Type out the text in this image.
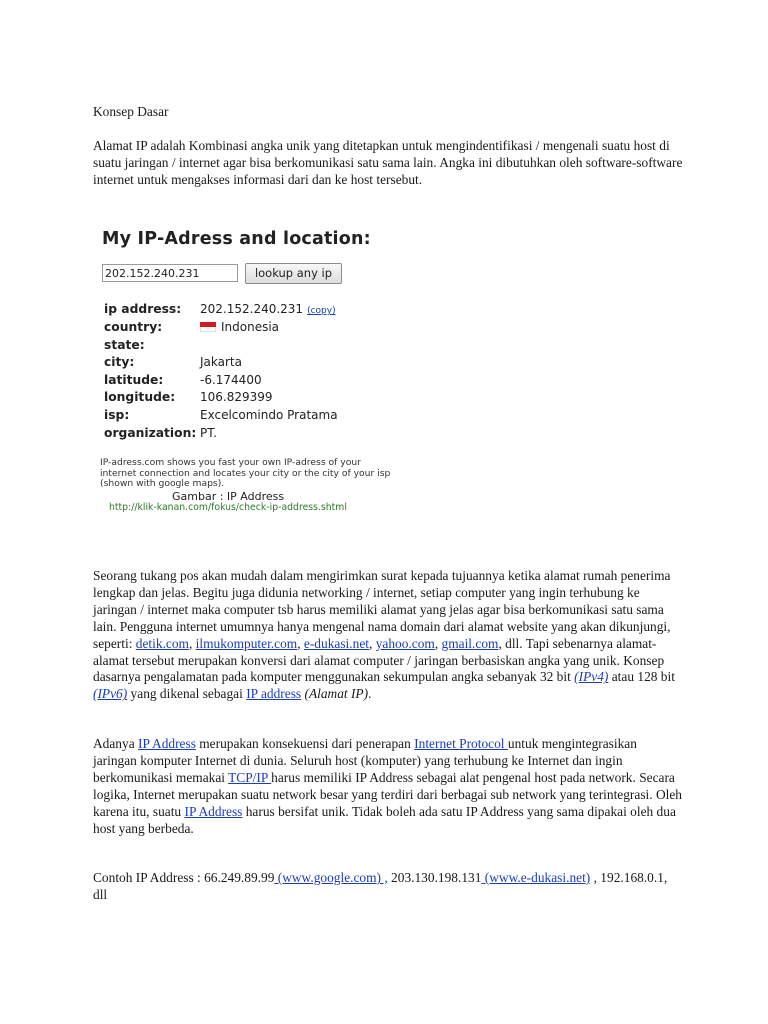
Konsep Dasar
Alamat IP adalah Kombinasi angka unik yang ditetapkan untuk mengindentifikasi / mengenali suatu host di suatu jaringan / internet agar bisa berkomunikasi satu sama lain. Angka ini dibutuhkan oleh software-software internet untuk mengakses informasi dari dan ke host tersebut.
My IP-Adress and location:
202.152.240.231	lookup any ip
ip address: 202.152.240.231 (copy)
country:	Indonesia
state:
city:	Jakarta
latitude:	-6.174400
longitude: 106.829399
isp:	Excelcomindo Pratama
organization: PT.
IP-adress.com shows you fast your own IP-adress of your internet connection and locates your city or the city of your isp (shown with google maps).
Gambar : IP Address
http://klik-kanan.com/fokus/check-ip-address.shtml
Seorang tukang pos akan mudah dalam mengirimkan surat kepada tujuannya ketika alamat rumah penerima lengkap dan jelas. Begitu juga didunia networking / internet, setiap computer yang ingin terhubung ke jaringan / internet maka computer tsb harus memiliki alamat yang jelas agar bisa berkomunikasi satu sama lain. Pengguna internet umumnya hanya mengenal nama domain dari alamat website yang akan dikunjungi, seperti: detik.com, ilmukomputer.com, e-dukasi.net, yahoo.com, gmail.com, dll. Tapi sebenarnya alamat-alamat tersebut merupakan konversi dari alamat computer / jaringan berbasiskan angka yang unik. Konsep dasarnya pengalamatan pada komputer menggunakan sekumpulan angka sebanyak 32 bit (IPv4) atau 128 bit (IPv6) yang dikenal sebagai IP address (Alamat IP).
Adanya IP Address merupakan konsekuensi dari penerapan Internet Protocol untuk mengintegrasikan jaringan komputer Internet di dunia. Seluruh host (komputer) yang terhubung ke Internet dan ingin berkomunikasi memakai TCP/IP harus memiliki IP Address sebagai alat pengenal host pada network. Secara logika, Internet merupakan suatu network besar yang terdiri dari berbagai sub network yang terintegrasi. Oleh karena itu, suatu IP Address harus bersifat unik. Tidak boleh ada satu IP Address yang sama dipakai oleh dua host yang berbeda.
Contoh IP Address : 66.249.89.99 (www.google.com) , 203.130.198.131 (www.e-dukasi.net) , 192.168.0.1, dll
